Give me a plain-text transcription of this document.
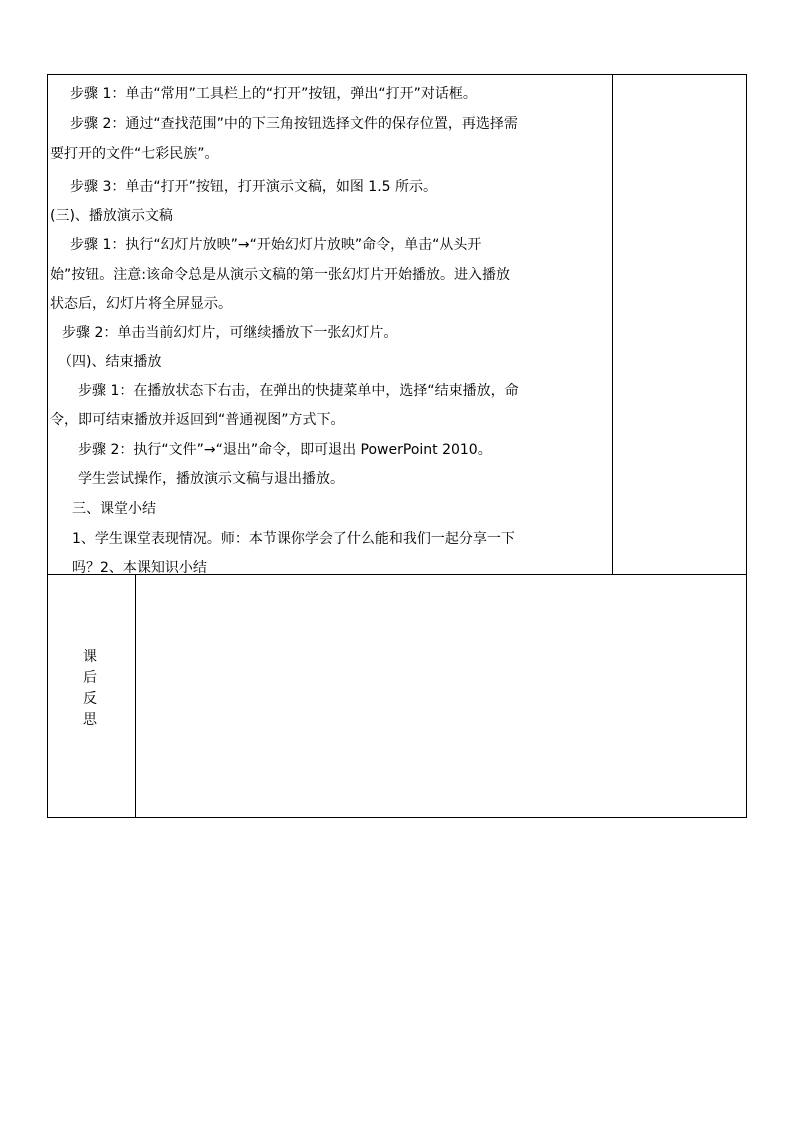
步骤 1：单击“常用”工具栏上的“打开”按钮，弹出“打开”对话框。
步骤 2：通过“查找范围”中的下三角按钮选择文件的保存位置，再选择需
要打开的文件“七彩民族”。
步骤 3：单击“打开”按钮，打开演示文稿，如图 1.5 所示。
(三)、播放演示文稿
步骤 1：执行“幻灯片放映”→“开始幻灯片放映”命令，单击“从头开
始”按钮。注意:该命令总是从演示文稿的第一张幻灯片开始播放。进入播放
状态后，幻灯片将全屏显示。
步骤 2：单击当前幻灯片，可继续播放下一张幻灯片。
（四)、结束播放
步骤 1：在播放状态下右击，在弹出的快捷菜单中，选择“结束播放，命
令，即可结束播放并返回到“普通视图”方式下。
步骤 2：执行“文件”→“退出”命令，即可退出 PowerPoint 2010。
学生尝试操作，播放演示文稿与退出播放。
三、课堂小结
1、学生课堂表现情况。师：本节课你学会了什么能和我们一起分享一下
吗？2、本课知识小结
课
后
反
思
